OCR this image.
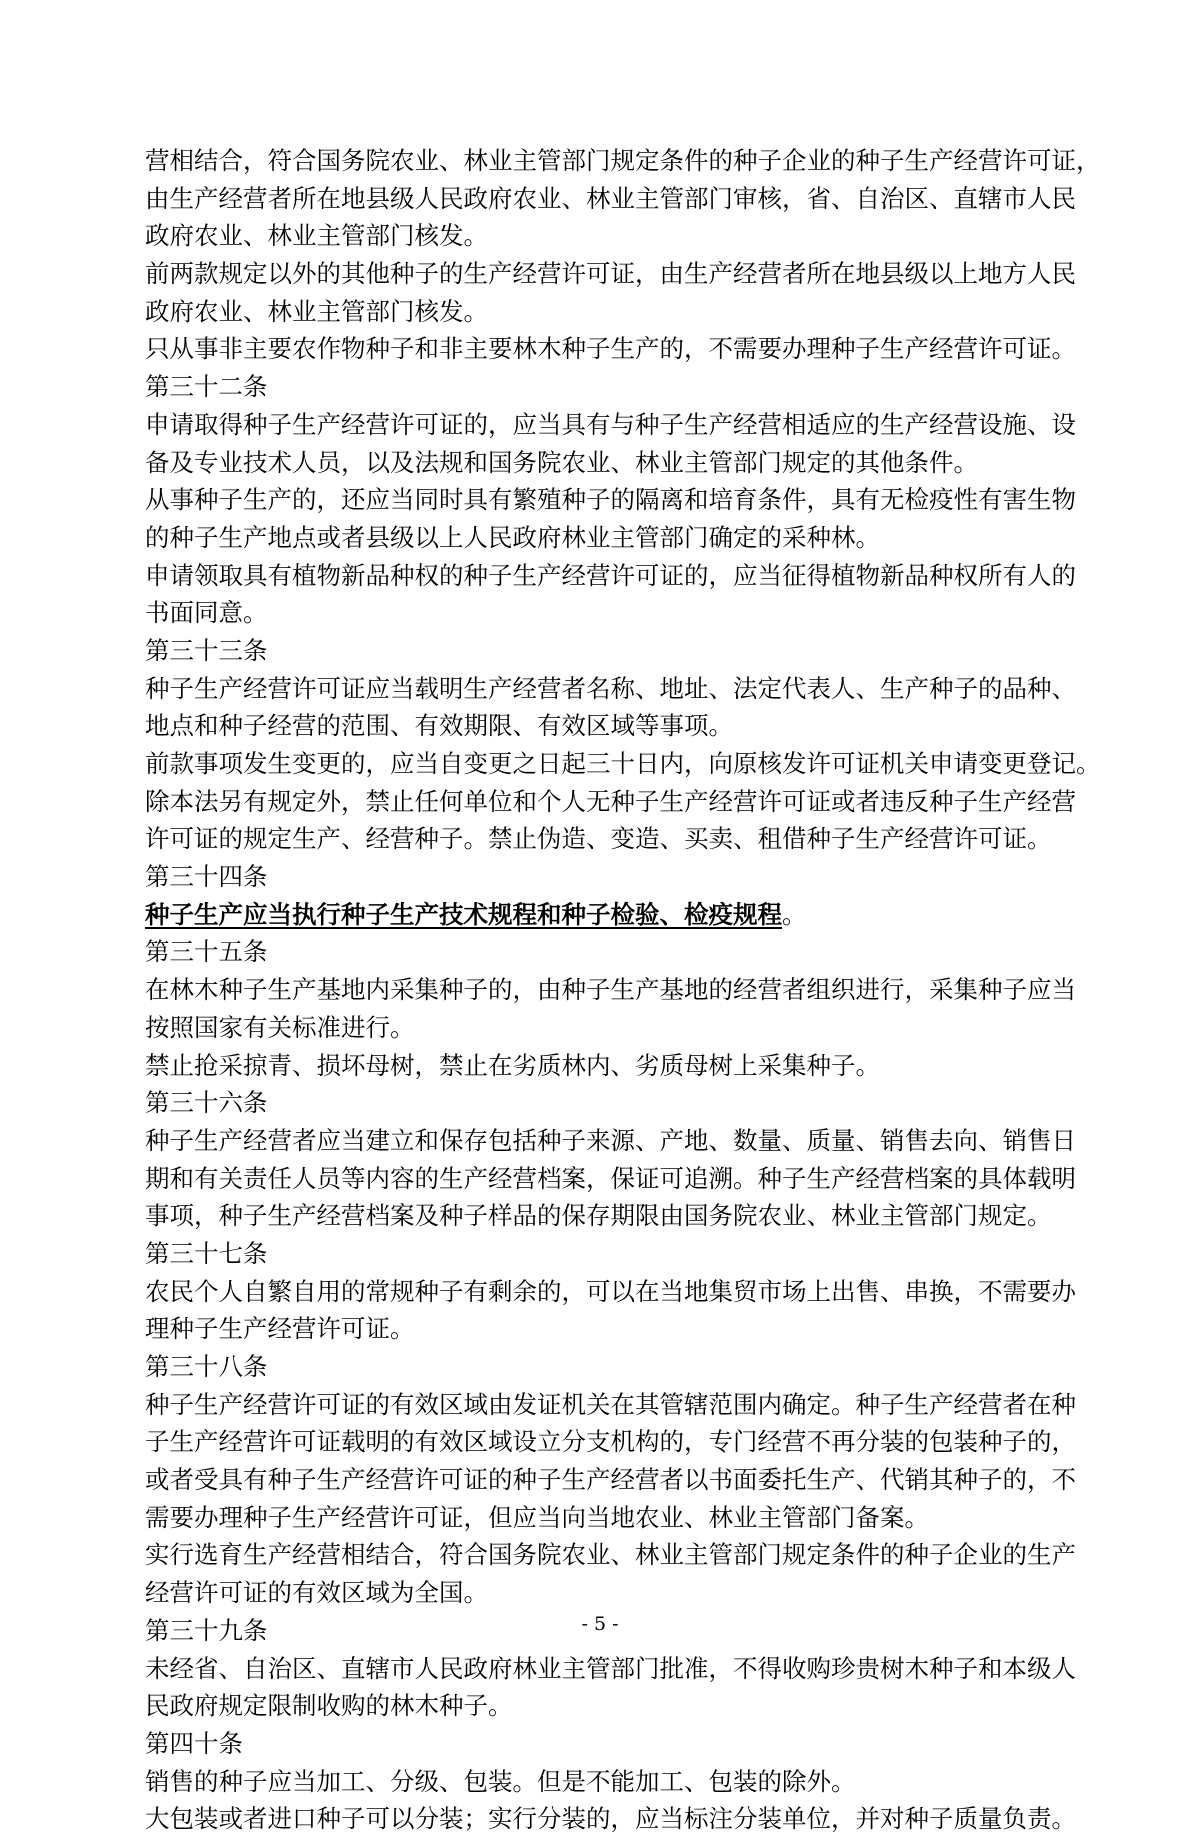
营相结合，符合国务院农业、林业主管部门规定条件的种子企业的种子生产经营许可证，
由生产经营者所在地县级人民政府农业、林业主管部门审核，省、自治区、直辖市人民
政府农业、林业主管部门核发。
前两款规定以外的其他种子的生产经营许可证，由生产经营者所在地县级以上地方人民
政府农业、林业主管部门核发。
只从事非主要农作物种子和非主要林木种子生产的，不需要办理种子生产经营许可证。
第三十二条
申请取得种子生产经营许可证的，应当具有与种子生产经营相适应的生产经营设施、设
备及专业技术人员，以及法规和国务院农业、林业主管部门规定的其他条件。
从事种子生产的，还应当同时具有繁殖种子的隔离和培育条件，具有无检疫性有害生物
的种子生产地点或者县级以上人民政府林业主管部门确定的采种林。
申请领取具有植物新品种权的种子生产经营许可证的，应当征得植物新品种权所有人的
书面同意。
第三十三条
种子生产经营许可证应当载明生产经营者名称、地址、法定代表人、生产种子的品种、
地点和种子经营的范围、有效期限、有效区域等事项。
前款事项发生变更的，应当自变更之日起三十日内，向原核发许可证机关申请变更登记。
除本法另有规定外，禁止任何单位和个人无种子生产经营许可证或者违反种子生产经营
许可证的规定生产、经营种子。禁止伪造、变造、买卖、租借种子生产经营许可证。
第三十四条
种子生产应当执行种子生产技术规程和种子检验、检疫规程。
第三十五条
在林木种子生产基地内采集种子的，由种子生产基地的经营者组织进行，采集种子应当
按照国家有关标准进行。
禁止抢采掠青、损坏母树，禁止在劣质林内、劣质母树上采集种子。
第三十六条
种子生产经营者应当建立和保存包括种子来源、产地、数量、质量、销售去向、销售日
期和有关责任人员等内容的生产经营档案，保证可追溯。种子生产经营档案的具体载明
事项，种子生产经营档案及种子样品的保存期限由国务院农业、林业主管部门规定。
第三十七条
农民个人自繁自用的常规种子有剩余的，可以在当地集贸市场上出售、串换，不需要办
理种子生产经营许可证。
第三十八条
种子生产经营许可证的有效区域由发证机关在其管辖范围内确定。种子生产经营者在种
子生产经营许可证载明的有效区域设立分支机构的，专门经营不再分装的包装种子的，
或者受具有种子生产经营许可证的种子生产经营者以书面委托生产、代销其种子的，不
需要办理种子生产经营许可证，但应当向当地农业、林业主管部门备案。
实行选育生产经营相结合，符合国务院农业、林业主管部门规定条件的种子企业的生产
经营许可证的有效区域为全国。
第三十九条
未经省、自治区、直辖市人民政府林业主管部门批准，不得收购珍贵树木种子和本级人
民政府规定限制收购的林木种子。
第四十条
销售的种子应当加工、分级、包装。但是不能加工、包装的除外。
大包装或者进口种子可以分装；实行分装的，应当标注分装单位，并对种子质量负责。
- 5 -
